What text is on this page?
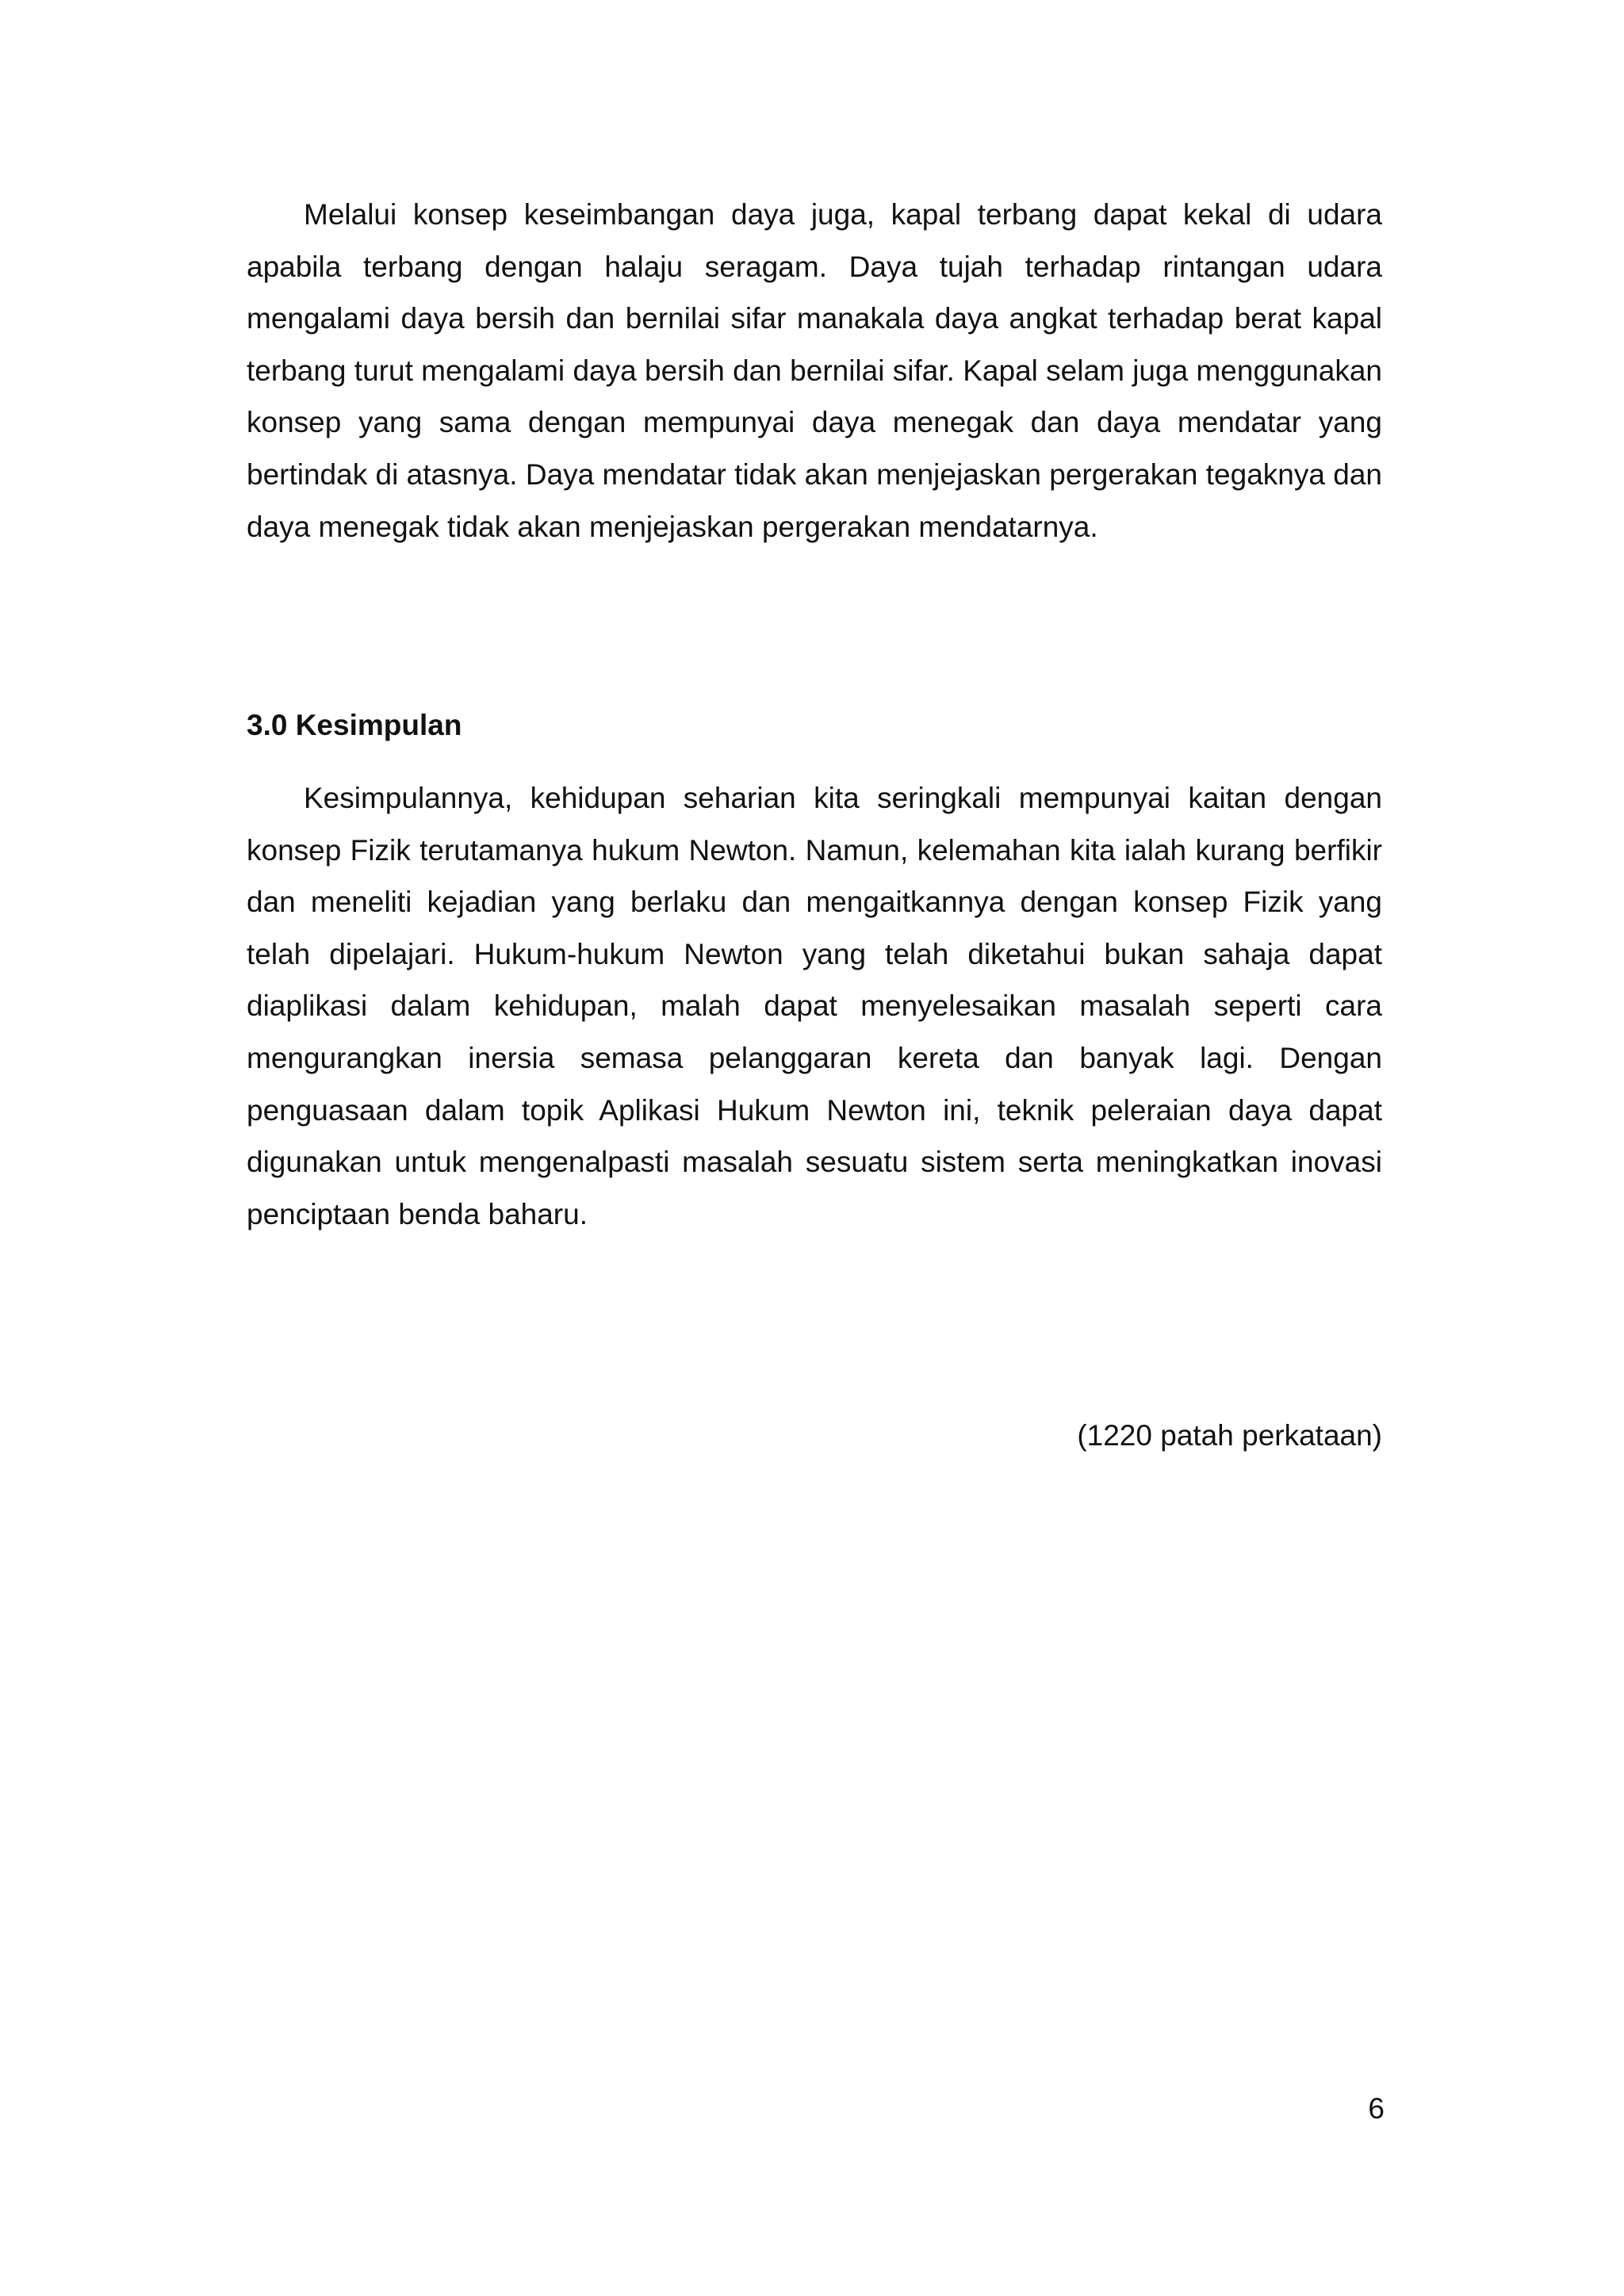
Melalui konsep keseimbangan daya juga, kapal terbang dapat kekal di udara apabila terbang dengan halaju seragam. Daya tujah terhadap rintangan udara mengalami daya bersih dan bernilai sifar manakala daya angkat terhadap berat kapal terbang turut mengalami daya bersih dan bernilai sifar. Kapal selam juga menggunakan konsep yang sama dengan mempunyai daya menegak dan daya mendatar yang bertindak di atasnya. Daya mendatar tidak akan menjejaskan pergerakan tegaknya dan daya menegak tidak akan menjejaskan pergerakan mendatarnya.

3.0 Kesimpulan

Kesimpulannya, kehidupan seharian kita seringkali mempunyai kaitan dengan konsep Fizik terutamanya hukum Newton. Namun, kelemahan kita ialah kurang berfikir dan meneliti kejadian yang berlaku dan mengaitkannya dengan konsep Fizik yang telah dipelajari. Hukum-hukum Newton yang telah diketahui bukan sahaja dapat diaplikasi dalam kehidupan, malah dapat menyelesaikan masalah seperti cara mengurangkan inersia semasa pelanggaran kereta dan banyak lagi. Dengan penguasaan dalam topik Aplikasi Hukum Newton ini, teknik peleraian daya dapat digunakan untuk mengenalpasti masalah sesuatu sistem serta meningkatkan inovasi penciptaan benda baharu.

(1220 patah perkataan)

6
